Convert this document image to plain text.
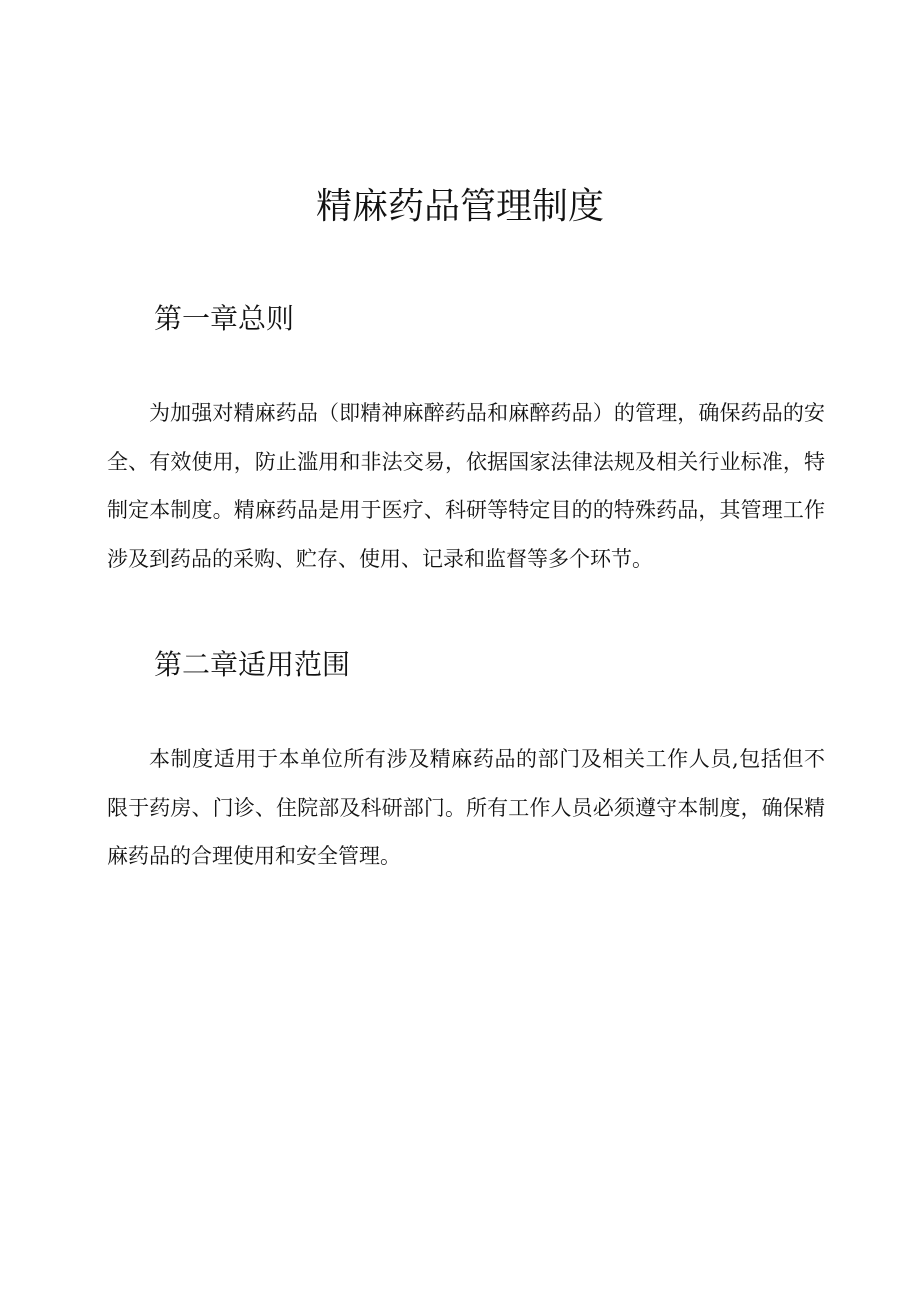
精麻药品管理制度
第一章总则

为加强对精麻药品（即精神麻醉药品和麻醉药品）的管理，确保药品的安全、有效使用，防止滥用和非法交易，依据国家法律法规及相关行业标准，特制定本制度。精麻药品是用于医疗、科研等特定目的的特殊药品，其管理工作涉及到药品的采购、贮存、使用、记录和监督等多个环节。

第二章适用范围

本制度适用于本单位所有涉及精麻药品的部门及相关工作人员,包括但不限于药房、门诊、住院部及科研部门。所有工作人员必须遵守本制度，确保精麻药品的合理使用和安全管理。
